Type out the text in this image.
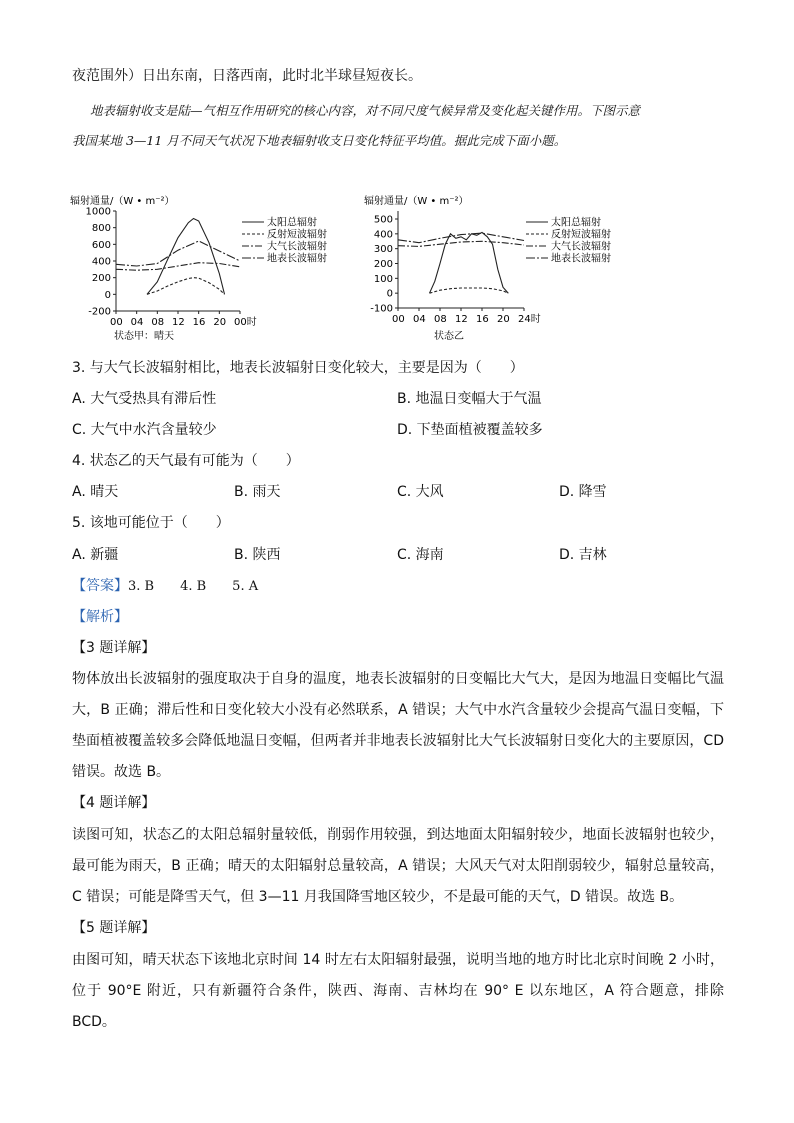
夜范围外）日出东南，日落西南，此时北半球昼短夜长。
地表辐射收支是陆—气相互作用研究的核心内容，对不同尺度气候异常及变化起关键作用。下图示意
我国某地 3—11 月不同天气状况下地表辐射收支日变化特征平均值。据此完成下面小题。
辐射通量/（W • m⁻²）
1000
800
600
400
200
0
-200
00 04 08 12 16 20 00时
状态甲：晴天
太阳总辐射
反射短波辐射
大气长波辐射
地表长波辐射
辐射通量/（W • m⁻²）
500
400
300
200
100
0
-100
00 04 08 12 16 20 24时
状态乙
太阳总辐射
反射短波辐射
大气长波辐射
地表长波辐射
3. 与大气长波辐射相比，地表长波辐射日变化较大，主要是因为（　　）
A. 大气受热具有滞后性	B. 地温日变幅大于气温
C. 大气中水汽含量较少	D. 下垫面植被覆盖较多
4. 状态乙的天气最有可能为（　　）
A. 晴天	B. 雨天	C. 大风	D. 降雪
5. 该地可能位于（　　）
A. 新疆	B. 陕西	C. 海南	D. 吉林
【答案】3. B　　4. B　　5. A
【解析】
【3 题详解】
物体放出长波辐射的强度取决于自身的温度，地表长波辐射的日变幅比大气大，是因为地温日变幅比气温大，B 正确；滞后性和日变化较大小没有必然联系，A 错误；大气中水汽含量较少会提高气温日变幅，下垫面植被覆盖较多会降低地温日变幅，但两者并非地表长波辐射比大气长波辐射日变化大的主要原因，CD 错误。故选 B。
【4 题详解】
读图可知，状态乙的太阳总辐射量较低，削弱作用较强，到达地面太阳辐射较少，地面长波辐射也较少，最可能为雨天，B 正确；晴天的太阳辐射总量较高，A 错误；大风天气对太阳削弱较少，辐射总量较高，C 错误；可能是降雪天气，但 3—11 月我国降雪地区较少，不是最可能的天气，D 错误。故选 B。
【5 题详解】
由图可知，晴天状态下该地北京时间 14 时左右太阳辐射最强，说明当地的地方时比北京时间晚 2 小时，位于 90°E 附近，只有新疆符合条件，陕西、海南、吉林均在 90° E 以东地区，A 符合题意，排除 BCD。
